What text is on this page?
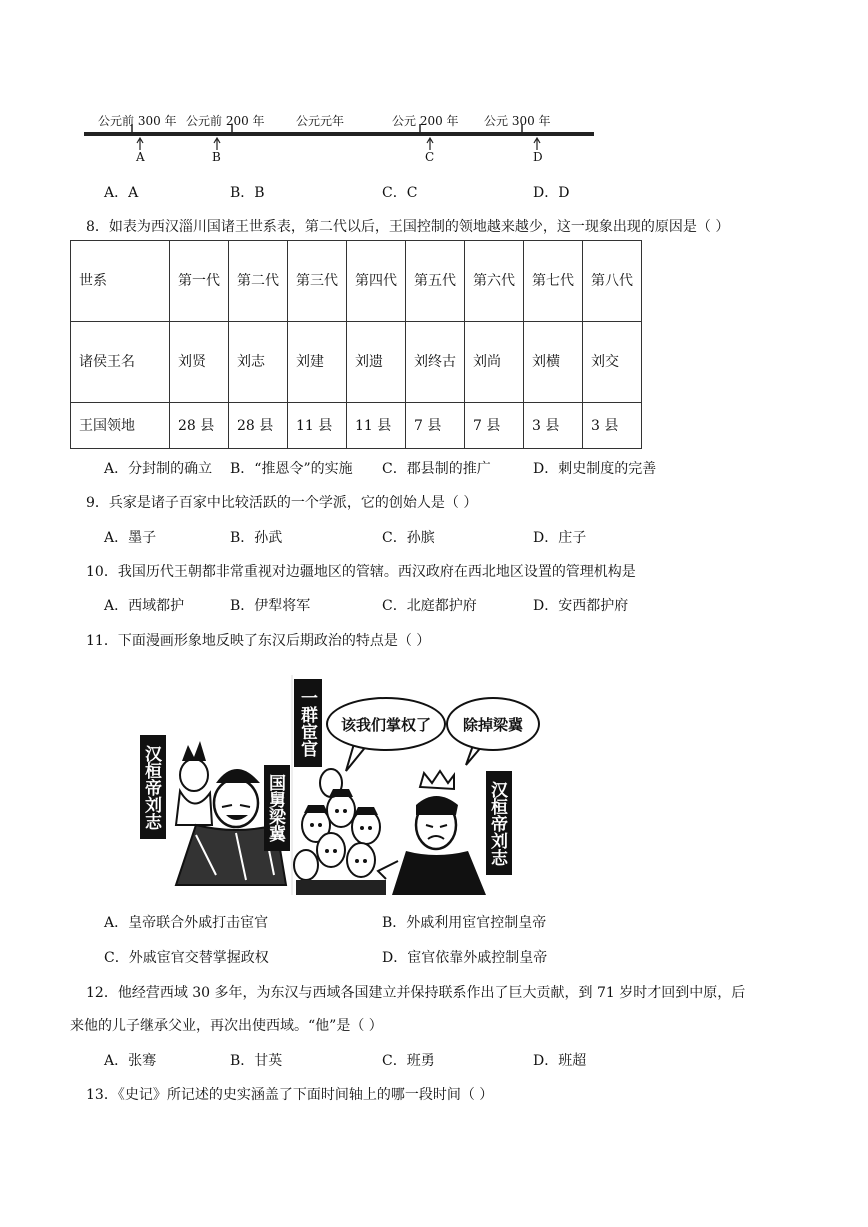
公元前 300 年 公元前 200 年	公元元年	公元 200 年 公元 300 年
A	B	C	D
A．A	B．B	C．C	D．D
8．如表为西汉淄川国诸王世系表，第二代以后，王国控制的领地越来越少，这一现象出现的原因是（ ）
世系	第一代	第二代	第三代	第四代	第五代	第六代	第七代	第八代
诸侯王名	刘贤	刘志	刘建	刘遗	刘终古	刘尚	刘横	刘交
王国领地	28 县	28 县	11 县	11 县	7 县	7 县	3 县	3 县
A．分封制的确立 B．“推恩令”的实施 C．郡县制的推广	D．刺史制度的完善
9．兵家是诸子百家中比较活跃的一个学派，它的创始人是（ ）
A．墨子	B．孙武	C．孙膑	D．庄子
10．我国历代王朝都非常重视对边疆地区的管辖。西汉政府在西北地区设置的管理机构是
A．西域都护	B．伊犁将军	C．北庭都护府	D．安西都护府
11．下面漫画形象地反映了东汉后期政治的特点是（ ）
汉桓帝刘志	国舅梁冀
一群宦官	该我们掌权了	除掉梁冀
汉桓帝刘志
A．皇帝联合外戚打击宦官	B．外戚利用宦官控制皇帝
C．外戚宦官交替掌握政权	D．宦官依靠外戚控制皇帝
12．他经营西域 30 多年，为东汉与西域各国建立并保持联系作出了巨大贡献，到 71 岁时才回到中原，后
来他的儿子继承父业，再次出使西域。“他”是（ ）
A．张骞	B．甘英	C．班勇	D．班超
13．《史记》所记述的史实涵盖了下面时间轴上的哪一段时间（ ）
